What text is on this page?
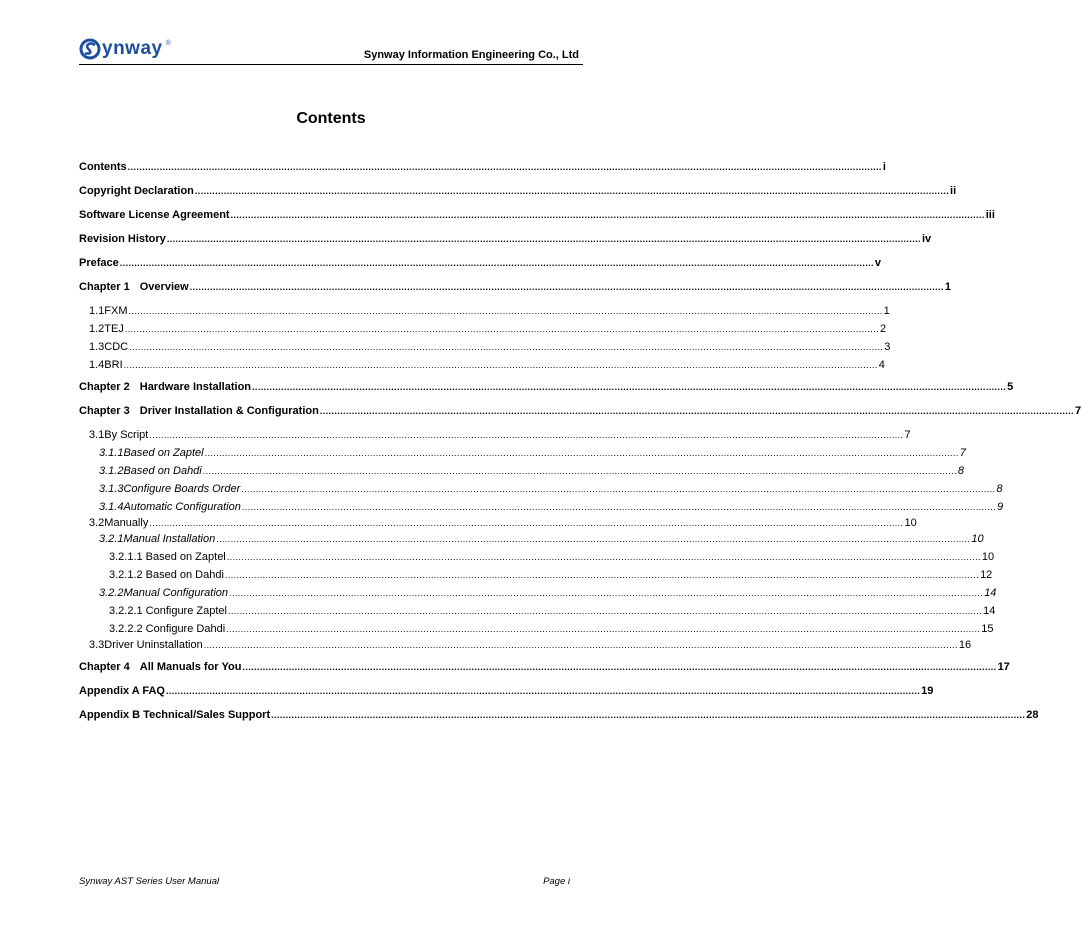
ynway ®
Synway Information Engineering Co., Ltd
Contents
Contents .................................................................................................................................................................................................................................................................... i
Copyright Declaration .................................................................................................................................................................................................................................................................... ii
Software License Agreement .................................................................................................................................................................................................................................................................... iii
Revision History .................................................................................................................................................................................................................................................................... iv
Preface .................................................................................................................................................................................................................................................................... v
Chapter 1 Overview .................................................................................................................................................................................................................................................................... 1
1.1 FXM .................................................................................................................................................................................................................................................................... 1
1.2 TEJ .................................................................................................................................................................................................................................................................... 2
1.3 CDC .................................................................................................................................................................................................................................................................... 3
1.4 BRI .................................................................................................................................................................................................................................................................... 4
Chapter 2 Hardware Installation .................................................................................................................................................................................................................................................................... 5
Chapter 3 Driver Installation & Configuration .................................................................................................................................................................................................................................................................... 7
3.1 By Script .................................................................................................................................................................................................................................................................... 7
3.1.1 Based on Zaptel .................................................................................................................................................................................................................................................................... 7
3.1.2 Based on Dahdi .................................................................................................................................................................................................................................................................... 8
3.1.3 Configure Boards Order .................................................................................................................................................................................................................................................................... 8
3.1.4 Automatic Configuration .................................................................................................................................................................................................................................................................... 9
3.2 Manually .................................................................................................................................................................................................................................................................... 10
3.2.1 Manual Installation .................................................................................................................................................................................................................................................................... 10
3.2.1.1 Based on Zaptel .................................................................................................................................................................................................................................................................... 10
3.2.1.2 Based on Dahdi .................................................................................................................................................................................................................................................................... 12
3.2.2 Manual Configuration .................................................................................................................................................................................................................................................................... 14
3.2.2.1 Configure Zaptel .................................................................................................................................................................................................................................................................... 14
3.2.2.2 Configure Dahdi .................................................................................................................................................................................................................................................................... 15
3.3 Driver Uninstallation .................................................................................................................................................................................................................................................................... 16
Chapter 4 All Manuals for You .................................................................................................................................................................................................................................................................... 17
Appendix A FAQ .................................................................................................................................................................................................................................................................... 19
Appendix B Technical/Sales Support .................................................................................................................................................................................................................................................................... 28
Synway AST Series User Manual	Page i
